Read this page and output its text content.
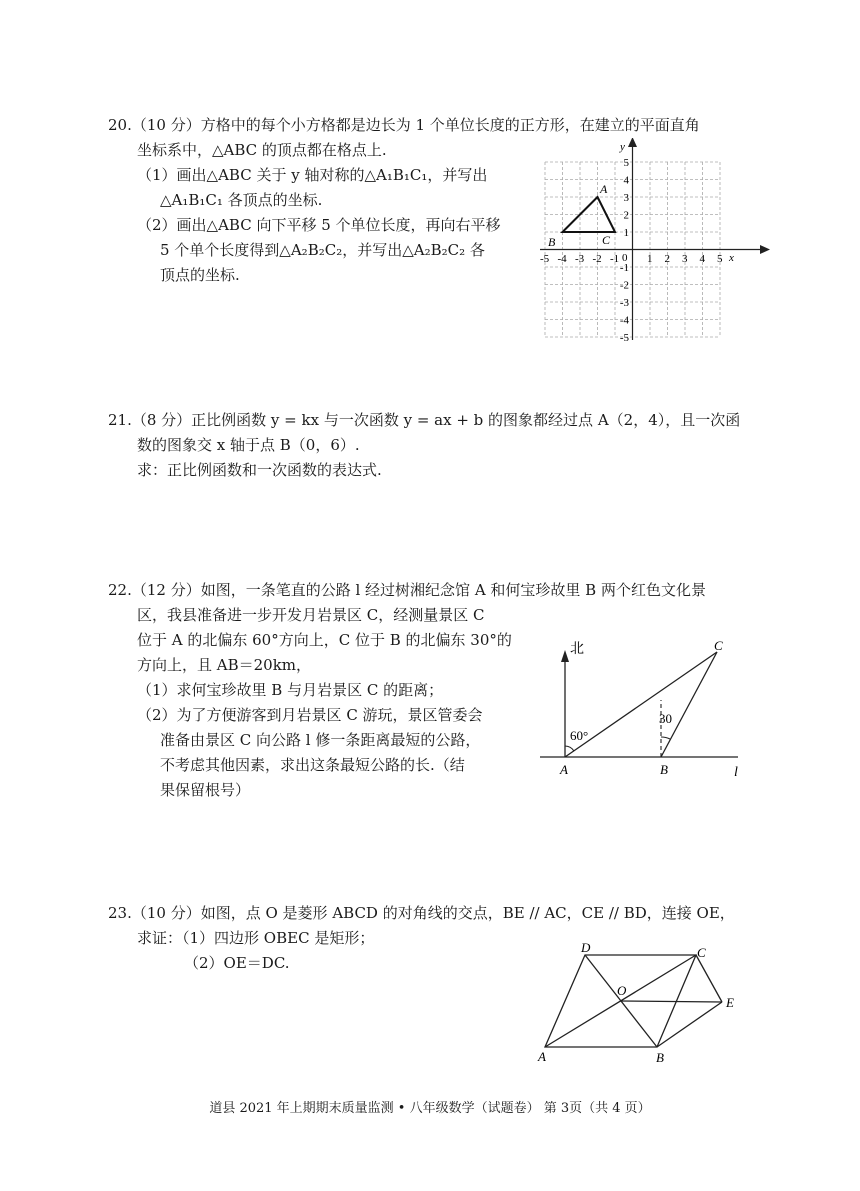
20.（10 分）方格中的每个小方格都是边长为 1 个单位长度的正方形，在建立的平面直角
坐标系中，△ABC 的顶点都在格点上.
（1）画出△ABC 关于 y 轴对称的△A₁B₁C₁，并写出
△A₁B₁C₁ 各顶点的坐标.
（2）画出△ABC 向下平移 5 个单位长度，再向右平移
5 个单个长度得到△A₂B₂C₂，并写出△A₂B₂C₂ 各
顶点的坐标.
x
y
0
-5 -4 -3 -2 -1	1 2 3 4 5
5
4
3
2
1
-1
-2
-3
-4
-5
A
B	C
21.（8 分）正比例函数 y = kx 与一次函数 y = ax + b 的图象都经过点 A（2，4），且一次函
数的图象交 x 轴于点 B（0，6）.
求：正比例函数和一次函数的表达式.
22.（12 分）如图，一条笔直的公路 l 经过树湘纪念馆 A 和何宝珍故里 B 两个红色文化景
区，我县准备进一步开发月岩景区 C，经测量景区 C
位于 A 的北偏东 60°方向上，C 位于 B 的北偏东 30°的
方向上，且 AB＝20km，
（1）求何宝珍故里 B 与月岩景区 C 的距离；
（2）为了方便游客到月岩景区 C 游玩，景区管委会
准备由景区 C 向公路 l 修一条距离最短的公路，
不考虑其他因素，求出这条最短公路的长.（结
果保留根号）
北
60°
30
A	B
C
l
23.（10 分）如图，点 O 是菱形 ABCD 的对角线的交点，BE // AC，CE // BD，连接 OE，
求证：（1）四边形 OBEC 是矩形；
（2）OE＝DC.
A	B
C
D
E
O
道县 2021 年上期期末质量监测 • 八年级数学（试题卷） 第 3页（共 4 页）
